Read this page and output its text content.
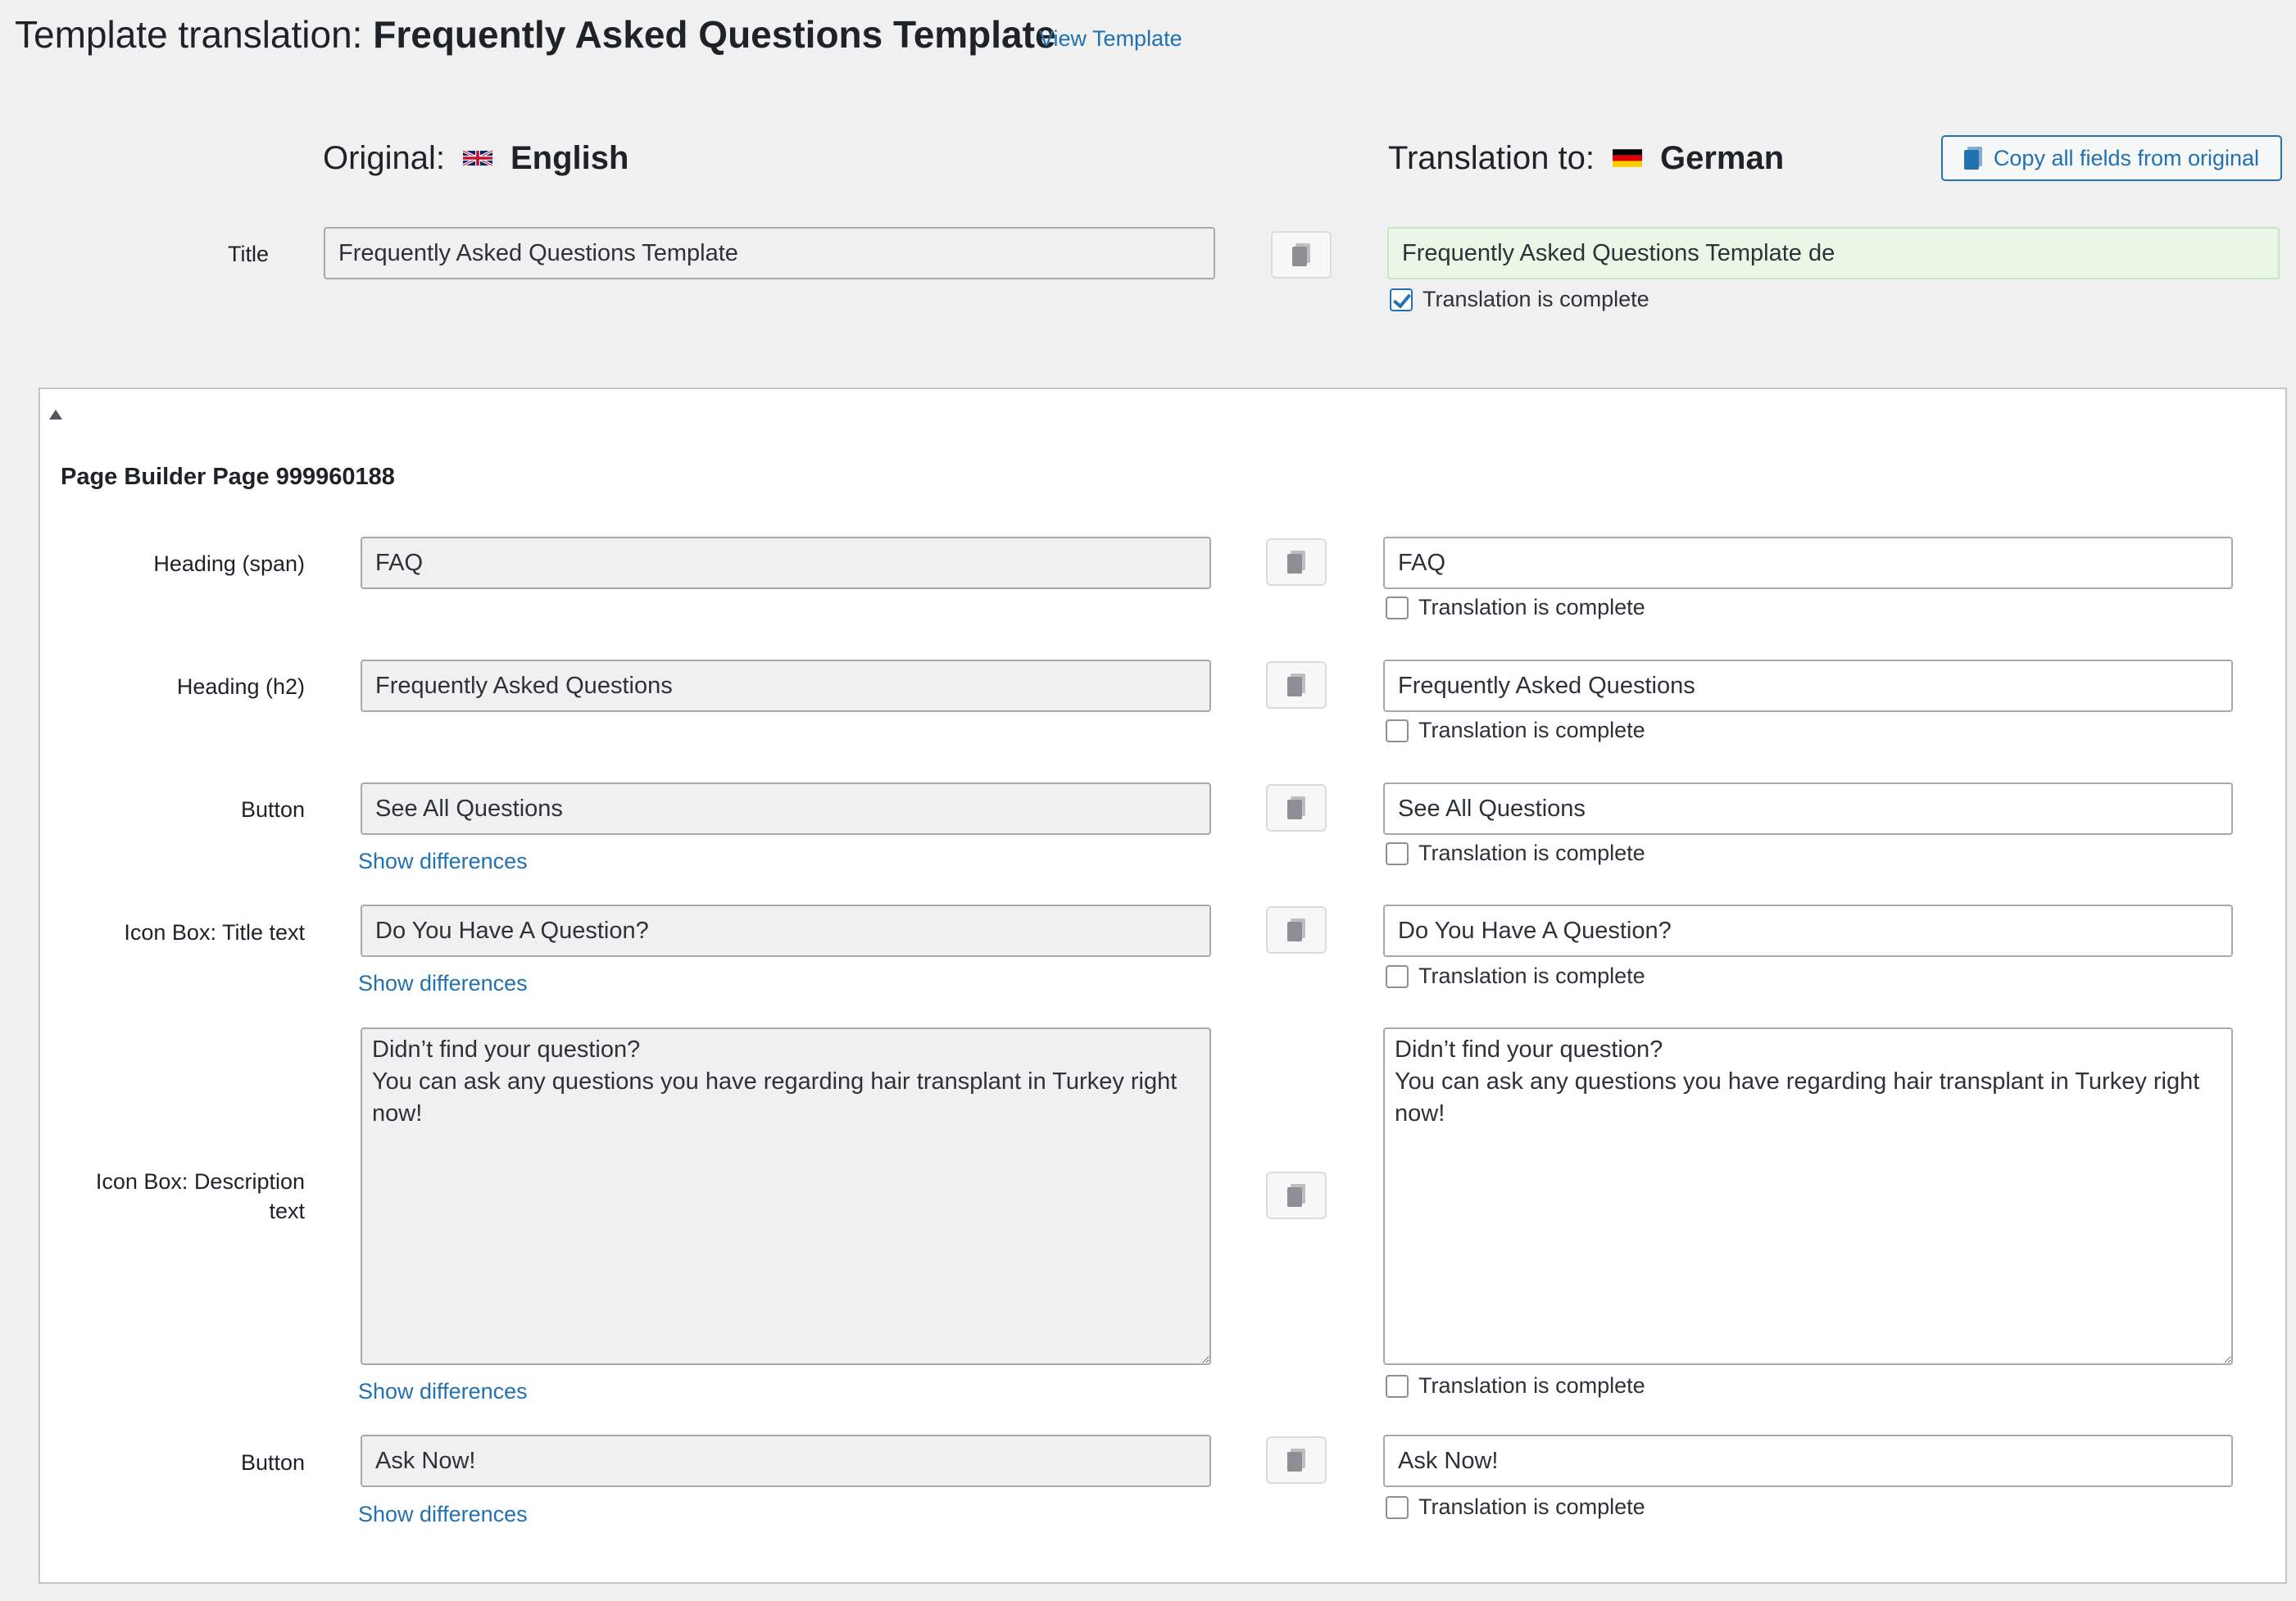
Template translation: Frequently Asked Questions Template
View Template
Original: English	Translation to: German	Copy all fields from original
Title	Frequently Asked Questions Template
Frequently Asked Questions Template de
Translation is complete
Page Builder Page 999960188
Heading (span)	FAQ
FAQ
Translation is complete
Heading (h2)	Frequently Asked Questions
Frequently Asked Questions
Translation is complete
Button	See All Questions
Show differences
See All Questions	Translation is complete
Icon Box: Title text	Do You Have A Question?
Show differences
Do You Have A Question?	Translation is complete
Icon Box: Description text
Didn’t find your question? You can ask any questions you have regarding hair transplant in Turkey right now!
Show differences
Didn’t find your question? You can ask any questions you have regarding hair transplant in Turkey right now!	Translation is complete
Button	Ask Now!
Show differences
Ask Now!	Translation is complete
